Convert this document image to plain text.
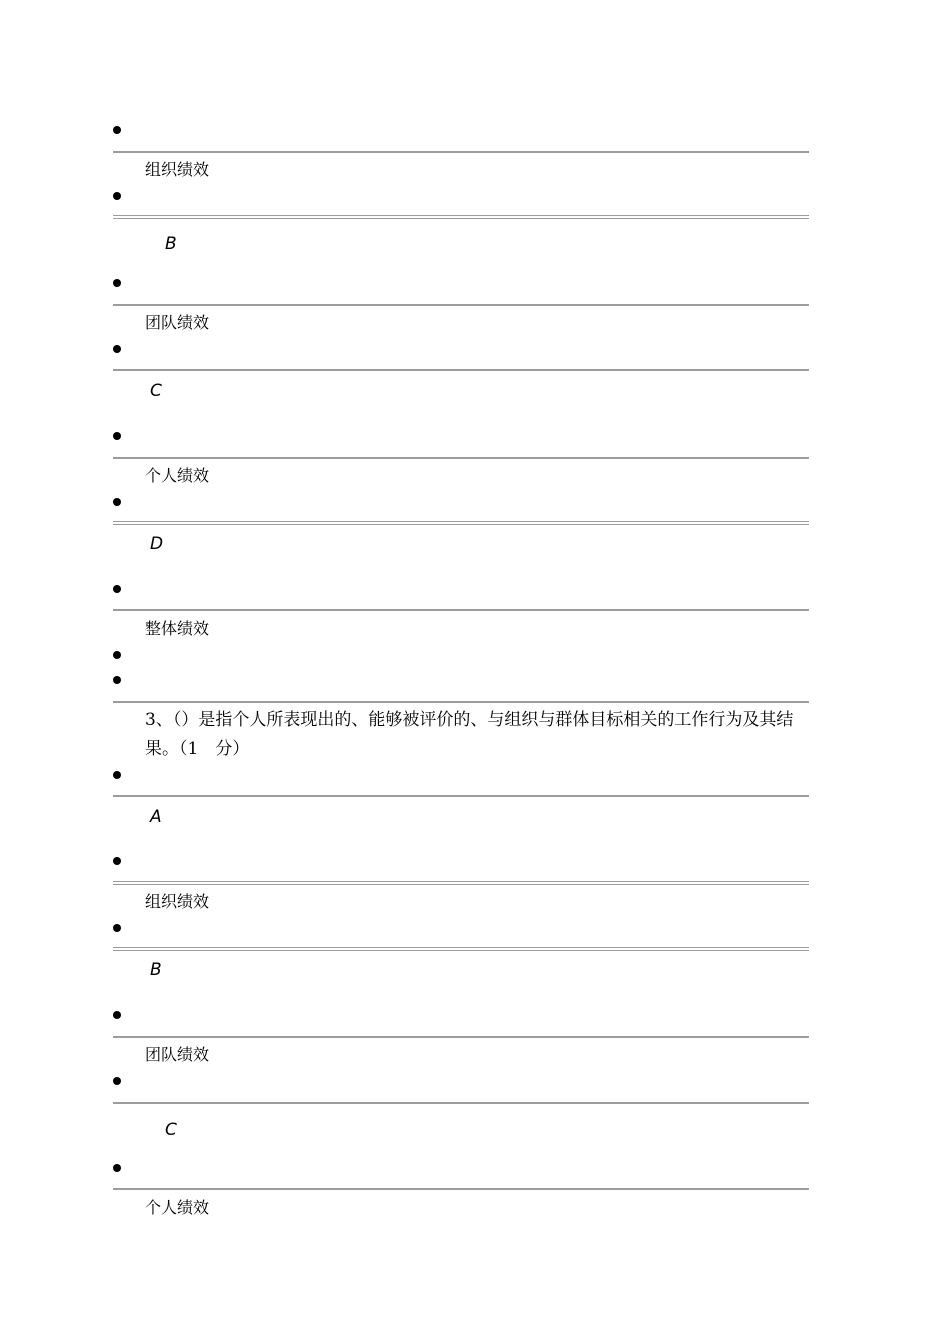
组织绩效
B
团队绩效
C
个人绩效
D
整体绩效
3、（）是指个人所表现出的、能够被评价的、与组织与群体目标相关的工作行为及其结果。（1　分）
A
组织绩效
B
团队绩效
C
个人绩效
